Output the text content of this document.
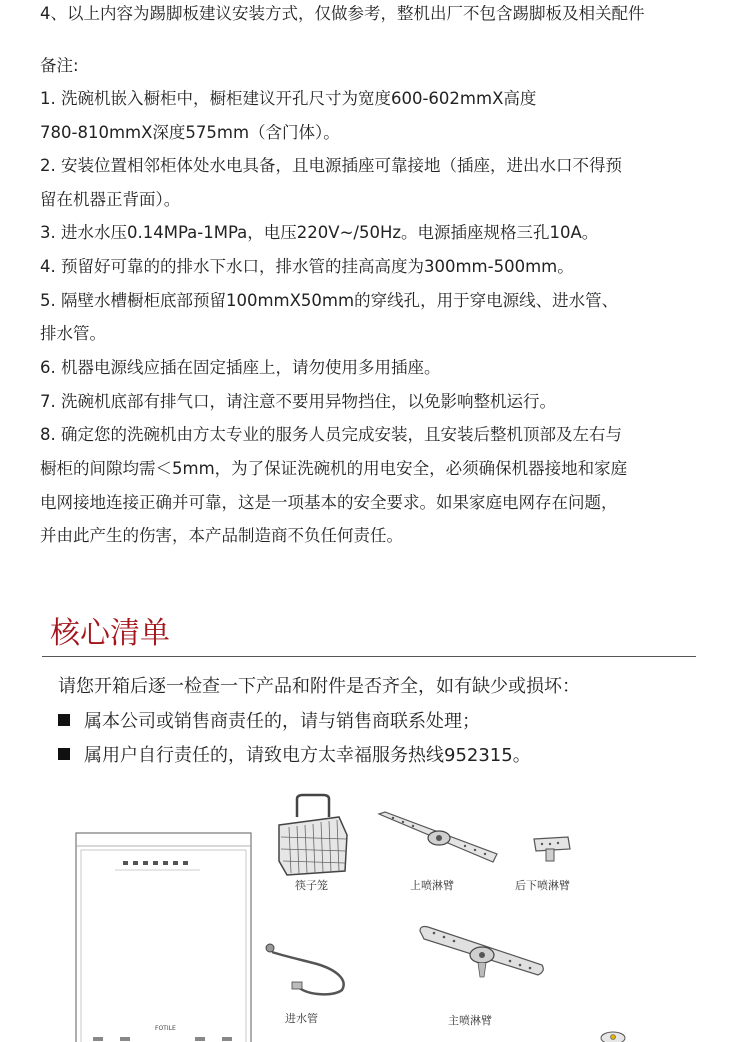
4、以上内容为踢脚板建议安装方式，仅做参考，整机出厂不包含踢脚板及相关配件
备注:
1. 洗碗机嵌入橱柜中，橱柜建议开孔尺寸为宽度600-602mmX高度
780-810mmX深度575mm（含门体）。
2. 安装位置相邻柜体处水电具备，且电源插座可靠接地（插座，进出水口不得预
留在机器正背面）。
3. 进水水压0.14MPa-1MPa，电压220V~/50Hz。电源插座规格三孔10A。
4. 预留好可靠的的排水下水口，排水管的挂高高度为300mm-500mm。
5. 隔壁水槽橱柜底部预留100mmX50mm的穿线孔，用于穿电源线、进水管、
排水管。
6. 机器电源线应插在固定插座上，请勿使用多用插座。
7. 洗碗机底部有排气口，请注意不要用异物挡住，以免影响整机运行。
8. 确定您的洗碗机由方太专业的服务人员完成安装，且安装后整机顶部及左右与
橱柜的间隙均需＜5mm，为了保证洗碗机的用电安全，必须确保机器接地和家庭
电网接地连接正确并可靠，这是一项基本的安全要求。如果家庭电网存在问题，
并由此产生的伤害，本产品制造商不负任何责任。
核心清单
请您开箱后逐一检查一下产品和附件是否齐全，如有缺少或损坏：
属本公司或销售商责任的，请与销售商联系处理；
属用户自行责任的，请致电方太幸福服务热线952315。
FOTILE
筷子笼	上喷淋臂	后下喷淋臂
进水管	主喷淋臂
